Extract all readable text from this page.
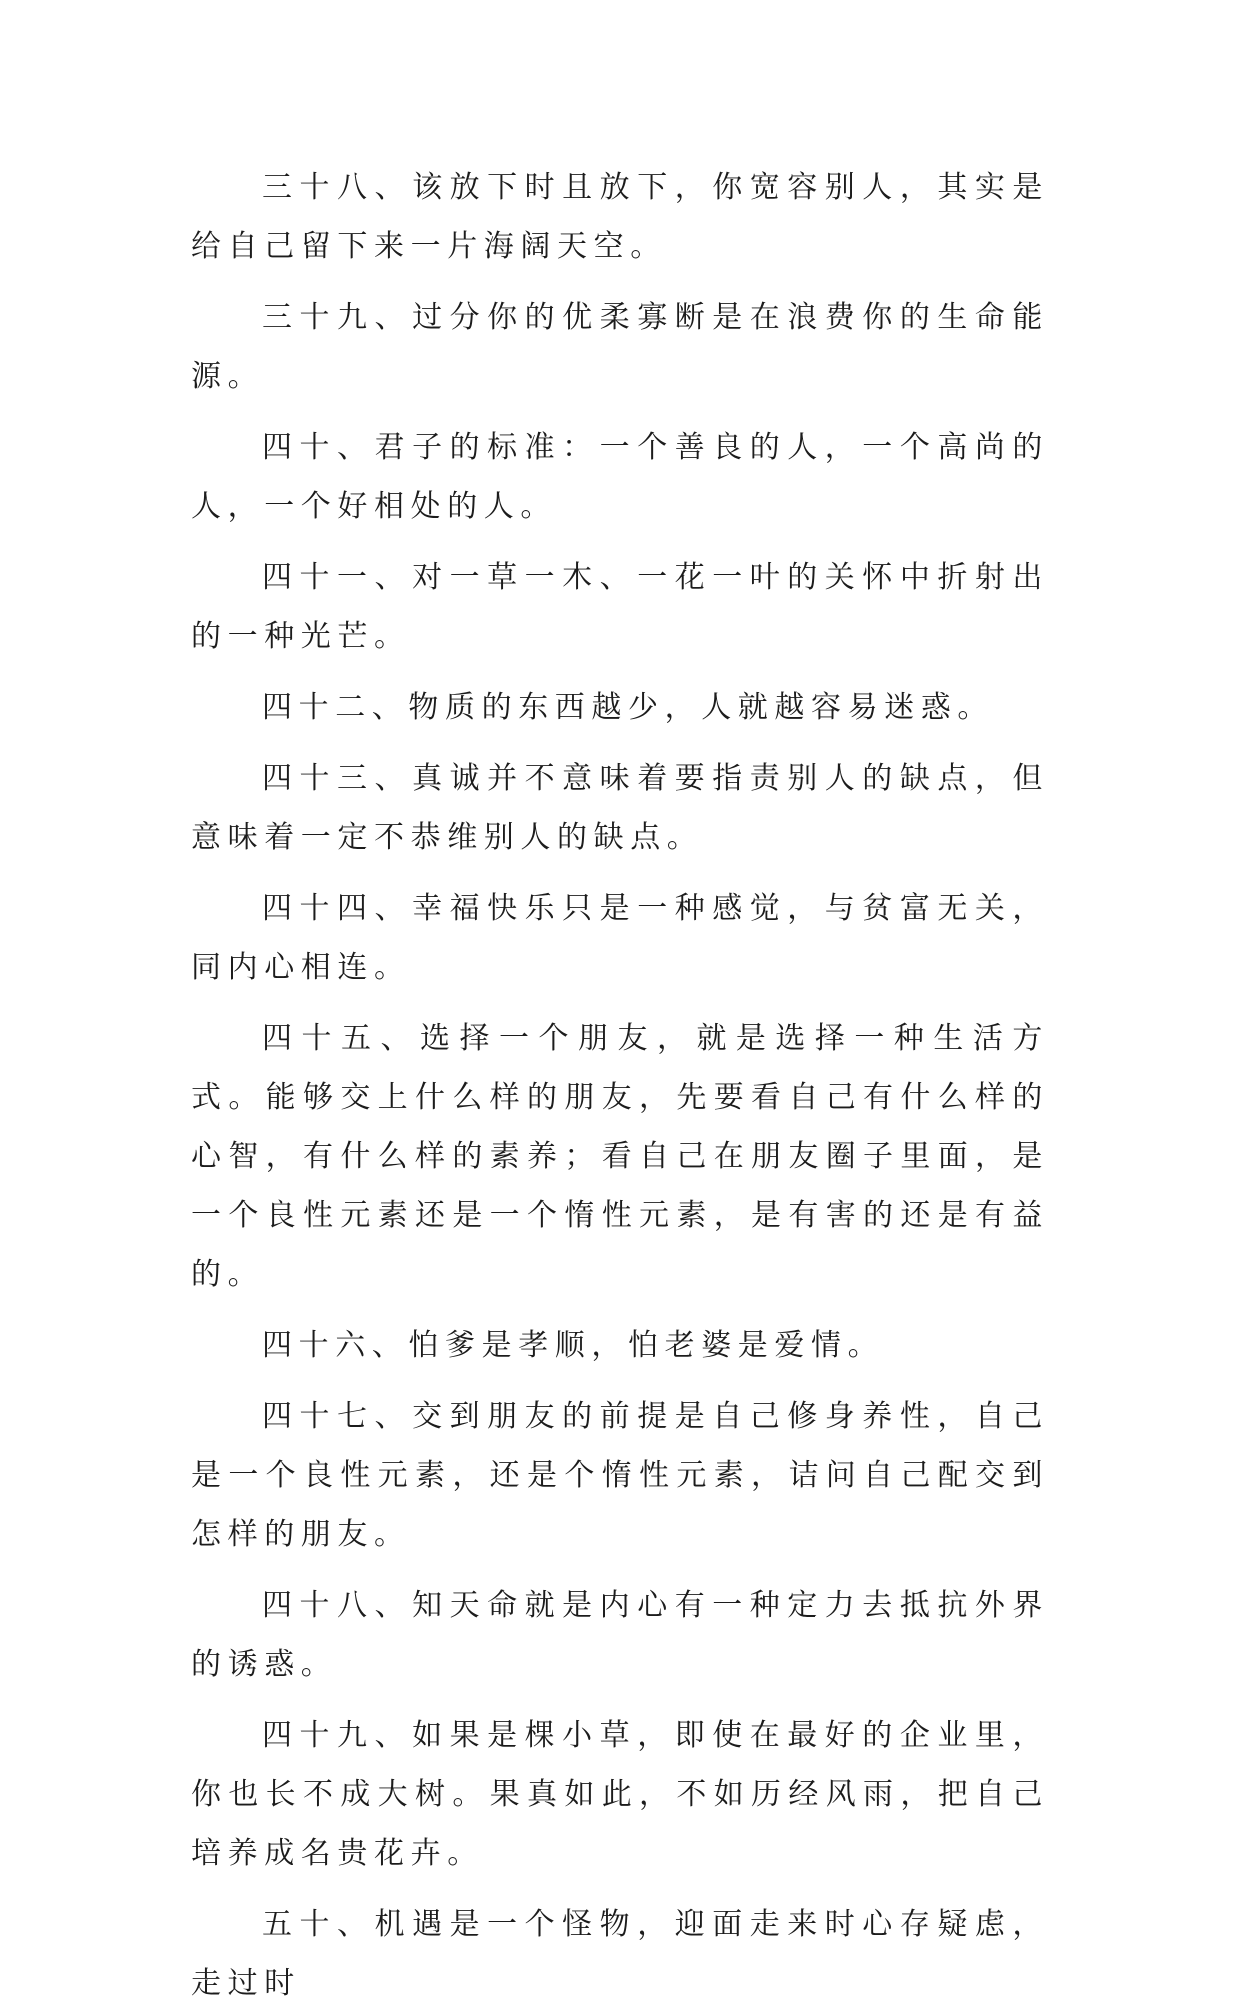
三十八、该放下时且放下，你宽容别人，其实是给自己留下来一片海阔天空。

三十九、过分你的优柔寡断是在浪费你的生命能源。

四十、君子的标准：一个善良的人，一个高尚的人，一个好相处的人。

四十一、对一草一木、一花一叶的关怀中折射出的一种光芒。

四十二、物质的东西越少，人就越容易迷惑。

四十三、真诚并不意味着要指责别人的缺点，但意味着一定不恭维别人的缺点。

四十四、幸福快乐只是一种感觉，与贫富无关，同内心相连。

四十五、选择一个朋友，就是选择一种生活方式。能够交上什么样的朋友，先要看自己有什么样的心智，有什么样的素养；看自己在朋友圈子里面，是一个良性元素还是一个惰性元素，是有害的还是有益的。

四十六、怕爹是孝顺，怕老婆是爱情。

四十七、交到朋友的前提是自己修身养性，自己是一个良性元素，还是个惰性元素，诘问自己配交到怎样的朋友。

四十八、知天命就是内心有一种定力去抵抗外界的诱惑。

四十九、如果是棵小草，即使在最好的企业里，你也长不成大树。果真如此，不如历经风雨，把自己培养成名贵花卉。

五十、机遇是一个怪物，迎面走来时心存疑虑，走过时
